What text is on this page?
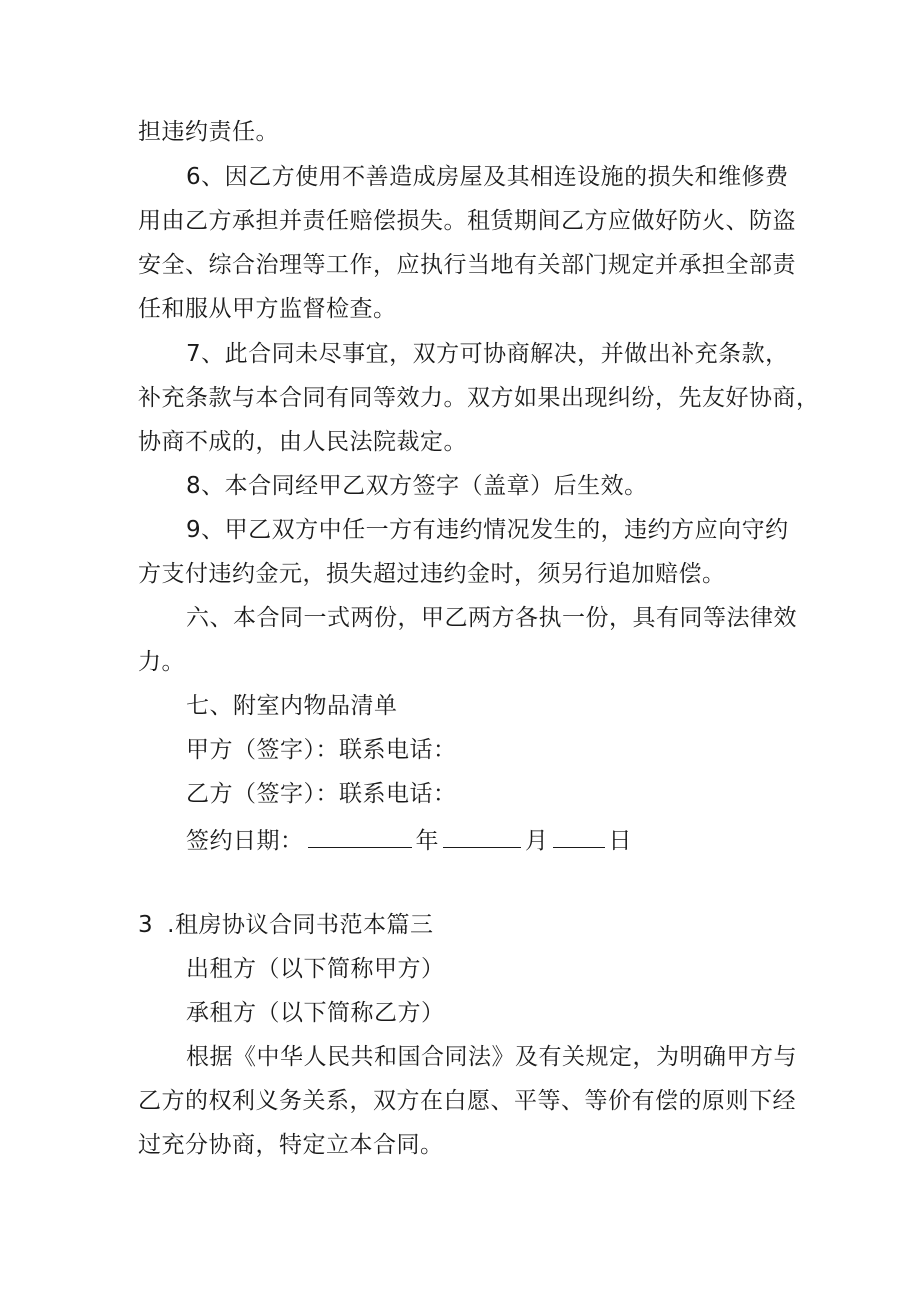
担违约责任。
6、因乙方使用不善造成房屋及其相连设施的损失和维修费
用由乙方承担并责任赔偿损失。租赁期间乙方应做好防火、防盗
安全、综合治理等工作，应执行当地有关部门规定并承担全部责
任和服从甲方监督检查。
7、此合同未尽事宜，双方可协商解决，并做出补充条款，
补充条款与本合同有同等效力。双方如果出现纠纷，先友好协商，
协商不成的，由人民法院裁定。
8、本合同经甲乙双方签字（盖章）后生效。
9、甲乙双方中任一方有违约情况发生的，违约方应向守约
方支付违约金元，损失超过违约金时，须另行追加赔偿。
六、本合同一式两份，甲乙两方各执一份，具有同等法律效
力。
七、附室内物品清单
甲方（签字）：联系电话：
乙方（签字）：联系电话：
签约日期：	年	月	日
3 .租房协议合同书范本篇三
出租方（以下简称甲方）
承租方（以下简称乙方）
根据《中华人民共和国合同法》及有关规定，为明确甲方与
乙方的权利义务关系，双方在白愿、平等、等价有偿的原则下经
过充分协商，特定立本合同。
